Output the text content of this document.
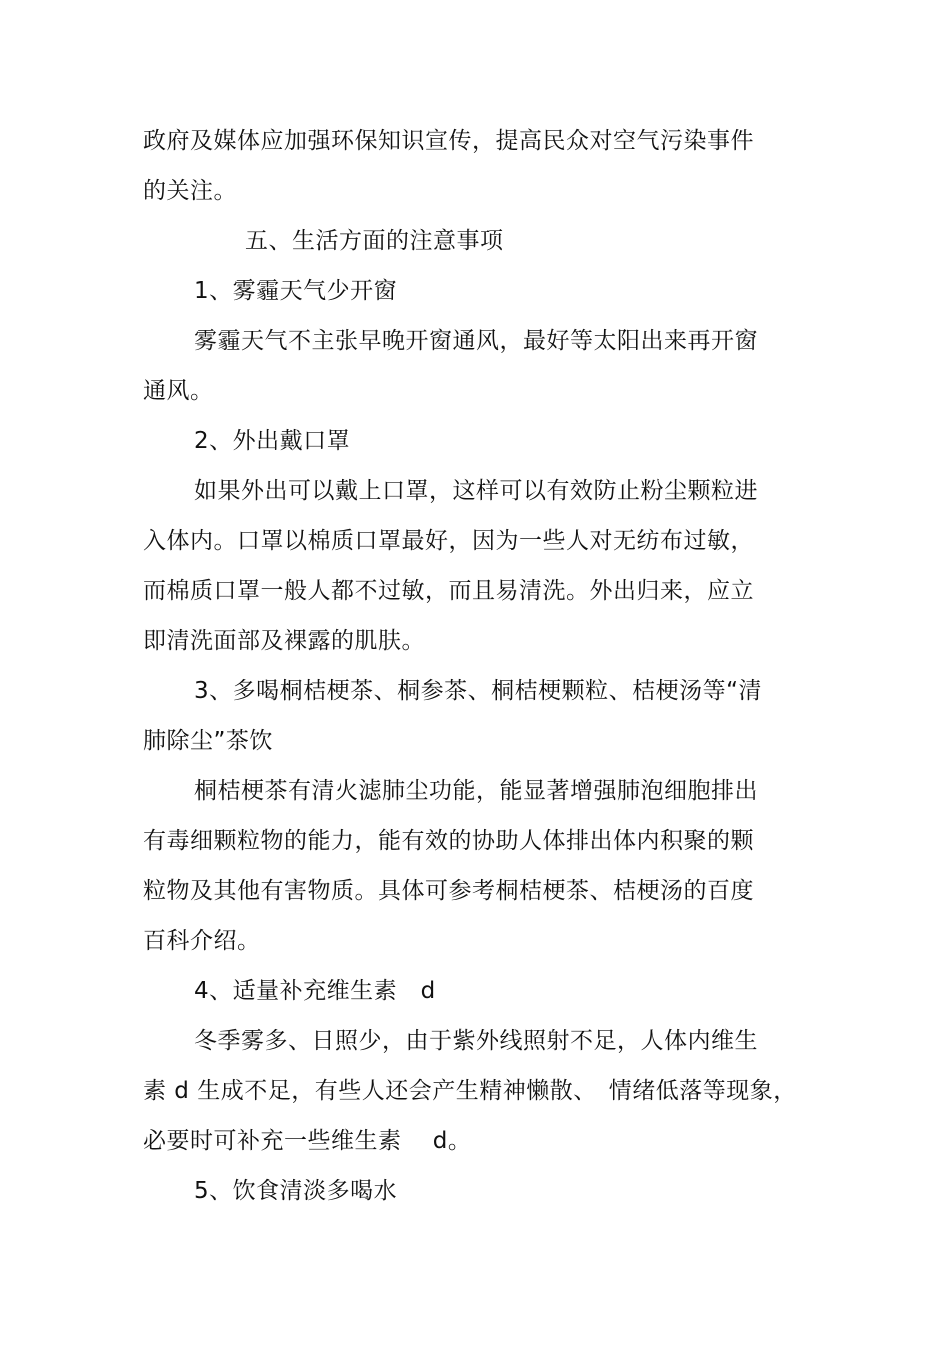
政府及媒体应加强环保知识宣传，提高民众对空气污染事件
的关注。
五、生活方面的注意事项
1、雾霾天气少开窗
雾霾天气不主张早晚开窗通风，最好等太阳出来再开窗
通风。
2、外出戴口罩
如果外出可以戴上口罩，这样可以有效防止粉尘颗粒进
入体内。口罩以棉质口罩最好，因为一些人对无纺布过敏，
而棉质口罩一般人都不过敏，而且易清洗。外出归来，应立
即清洗面部及裸露的肌肤。
3、多喝桐桔梗茶、桐参茶、桐桔梗颗粒、桔梗汤等“清
肺除尘”茶饮
桐桔梗茶有清火滤肺尘功能，能显著增强肺泡细胞排出
有毒细颗粒物的能力，能有效的协助人体排出体内积聚的颗
粒物及其他有害物质。具体可参考桐桔梗茶、桔梗汤的百度
百科介绍。
4、适量补充维生素　d
冬季雾多、日照少，由于紫外线照射不足，人体内维生
素 d 生成不足，有些人还会产生精神懒散、　情绪低落等现象，
必要时可补充一些维生素　 d。
5、饮食清淡多喝水
